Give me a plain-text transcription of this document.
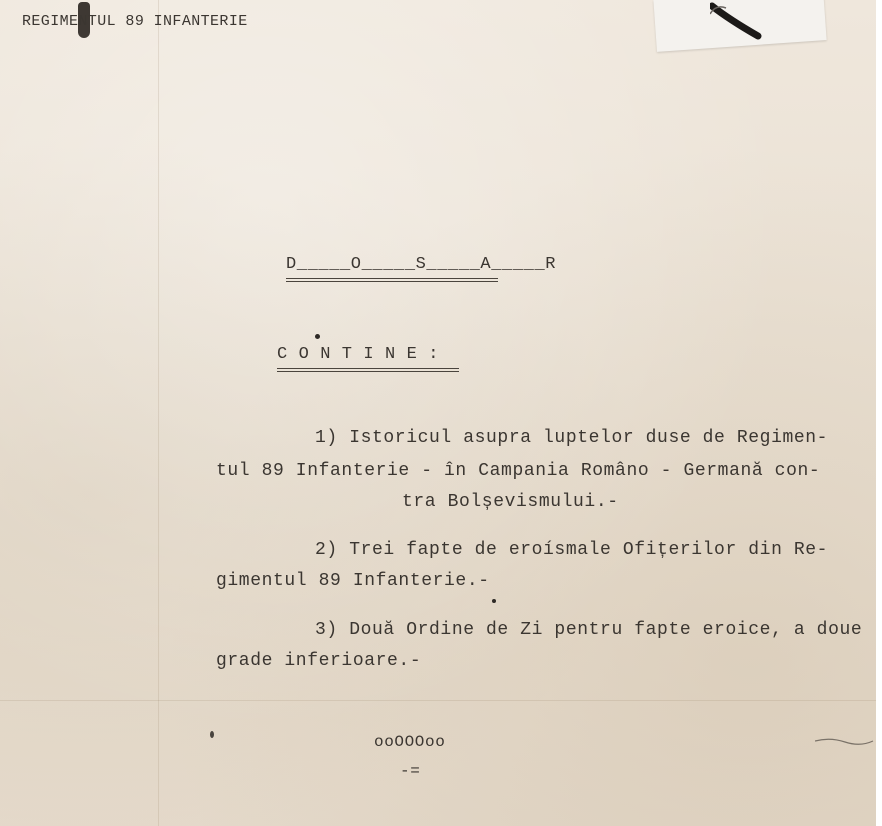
REGIMENTUL 89 INFANTERIE
D_____O_____S_____A_____R
C O N T I N E :
1) Istoricul asupra luptelor duse de Regimen-
tul 89 Infanterie - în Campania Româno - Germană con-
tra Bolșevismului.-
2) Trei fapte de eroísmale Ofițerilor din Re-
gimentul 89 Infanterie.-
3) Două Ordine de Zi pentru fapte eroice, a doue
grade inferioare.-
ooOOOoo
-=
